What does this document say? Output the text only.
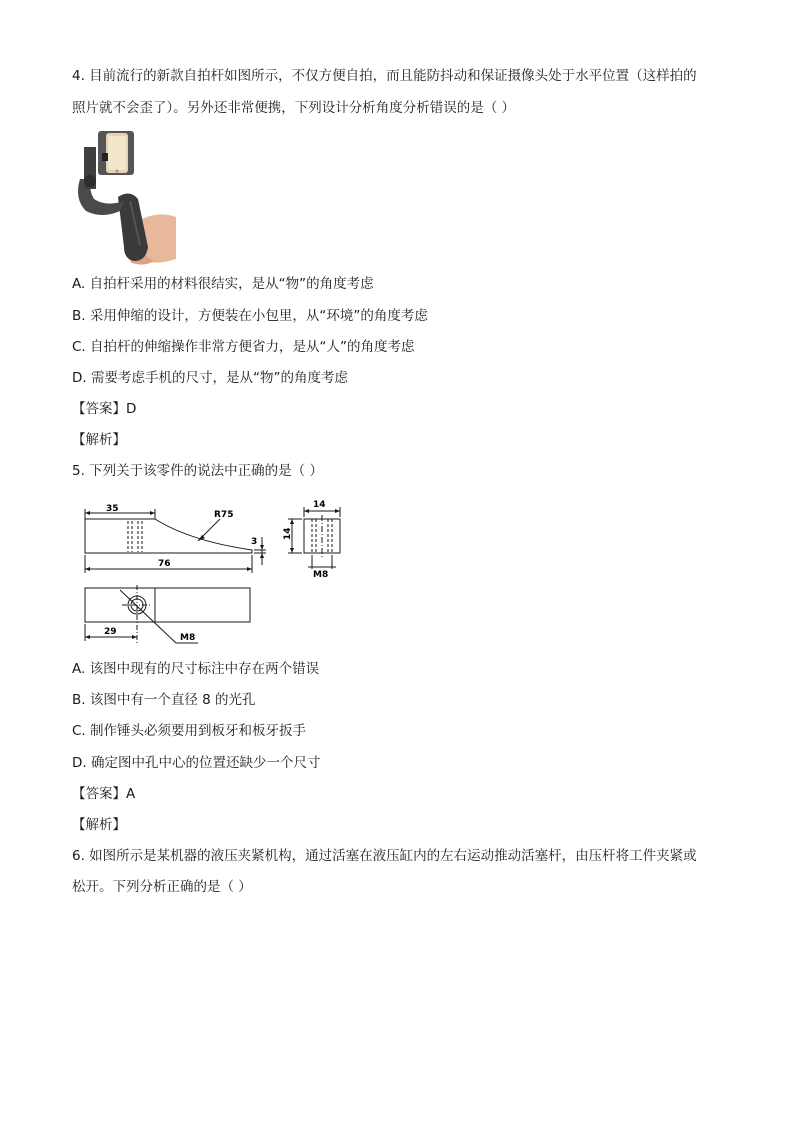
4. 目前流行的新款自拍杆如图所示，不仅方便自拍，而且能防抖动和保证摄像头处于水平位置（这样拍的
照片就不会歪了）。另外还非常便携，下列设计分析角度分析错误的是（ ）
A. 自拍杆采用的材料很结实，是从“物”的角度考虑
B. 采用伸缩的设计，方便装在小包里，从“环境”的角度考虑
C. 自拍杆的伸缩操作非常方便省力，是从“人”的角度考虑
D. 需要考虑手机的尺寸，是从“物”的角度考虑
【答案】D
【解析】
5. 下列关于该零件的说法中正确的是（ ）
35
R75
3
76
14
14
M8
29
M8
A. 该图中现有的尺寸标注中存在两个错误
B. 该图中有一个直径 8 的光孔
C. 制作锤头必须要用到板牙和板牙扳手
D. 确定图中孔中心的位置还缺少一个尺寸
【答案】A
【解析】
6. 如图所示是某机器的液压夹紧机构，通过活塞在液压缸内的左右运动推动活塞杆，由压杆将工件夹紧或
松开。下列分析正确的是（ ）
